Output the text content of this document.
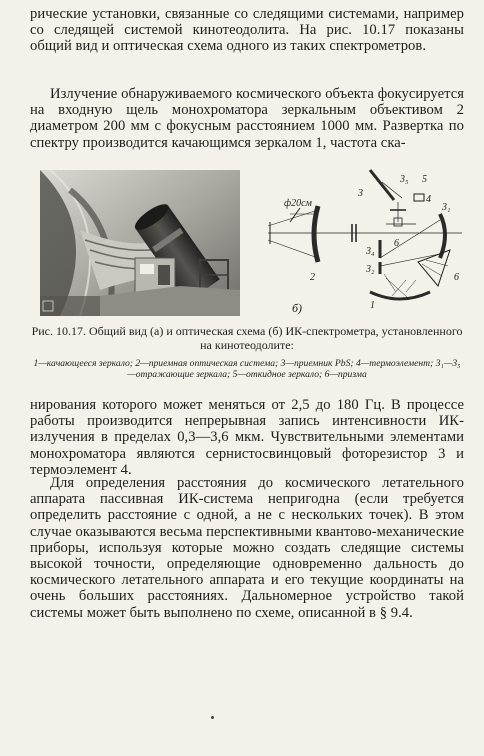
рические установки, связанные со следящими системами, например со следящей системой кинотеодолита. На рис. 10.17 показаны общий вид и оптическая схема одного из таких спектрометров.

Излучение обнаруживаемого космического объекта фокусируется на входную щель монохроматора зеркальным объективом 2 диаметром 200 мм с фокусным расстоянием 1000 мм. Развертка по спектру производится качающимся зеркалом 1, частота ска-

ф20см
2
3
3₅ 5
4
3₁
6
3₄
3₂
6
1
б)
Рис. 10.17. Общий вид (а) и оптическая схема (б) ИК-спектрометра, установленного на кинотеодолите:
1—качающееся зеркало; 2—приемная оптическая система; 3—приемник PbS; 4—термоэлемент; 3₁—3₅—отражающие зеркала; 5—откидное зеркало; 6—призма

нирования которого может меняться от 2,5 до 180 Гц. В процессе работы производится непрерывная запись интенсивности ИК-излучения в пределах 0,3—3,6 мкм. Чувствительными элементами монохроматора являются сернистосвинцовый фоторезистор 3 и термоэлемент 4.

Для определения расстояния до космического летательного аппарата пассивная ИК-система непригодна (если требуется определить расстояние с одной, а не с нескольких точек). В этом случае оказываются весьма перспективными квантово-механические приборы, используя которые можно создать следящие системы высокой точности, определяющие одновременно дальность до космического летательного аппарата и его текущие координаты на очень больших расстояниях. Дальномерное устройство такой системы может быть выполнено по схеме, описанной в § 9.4.
